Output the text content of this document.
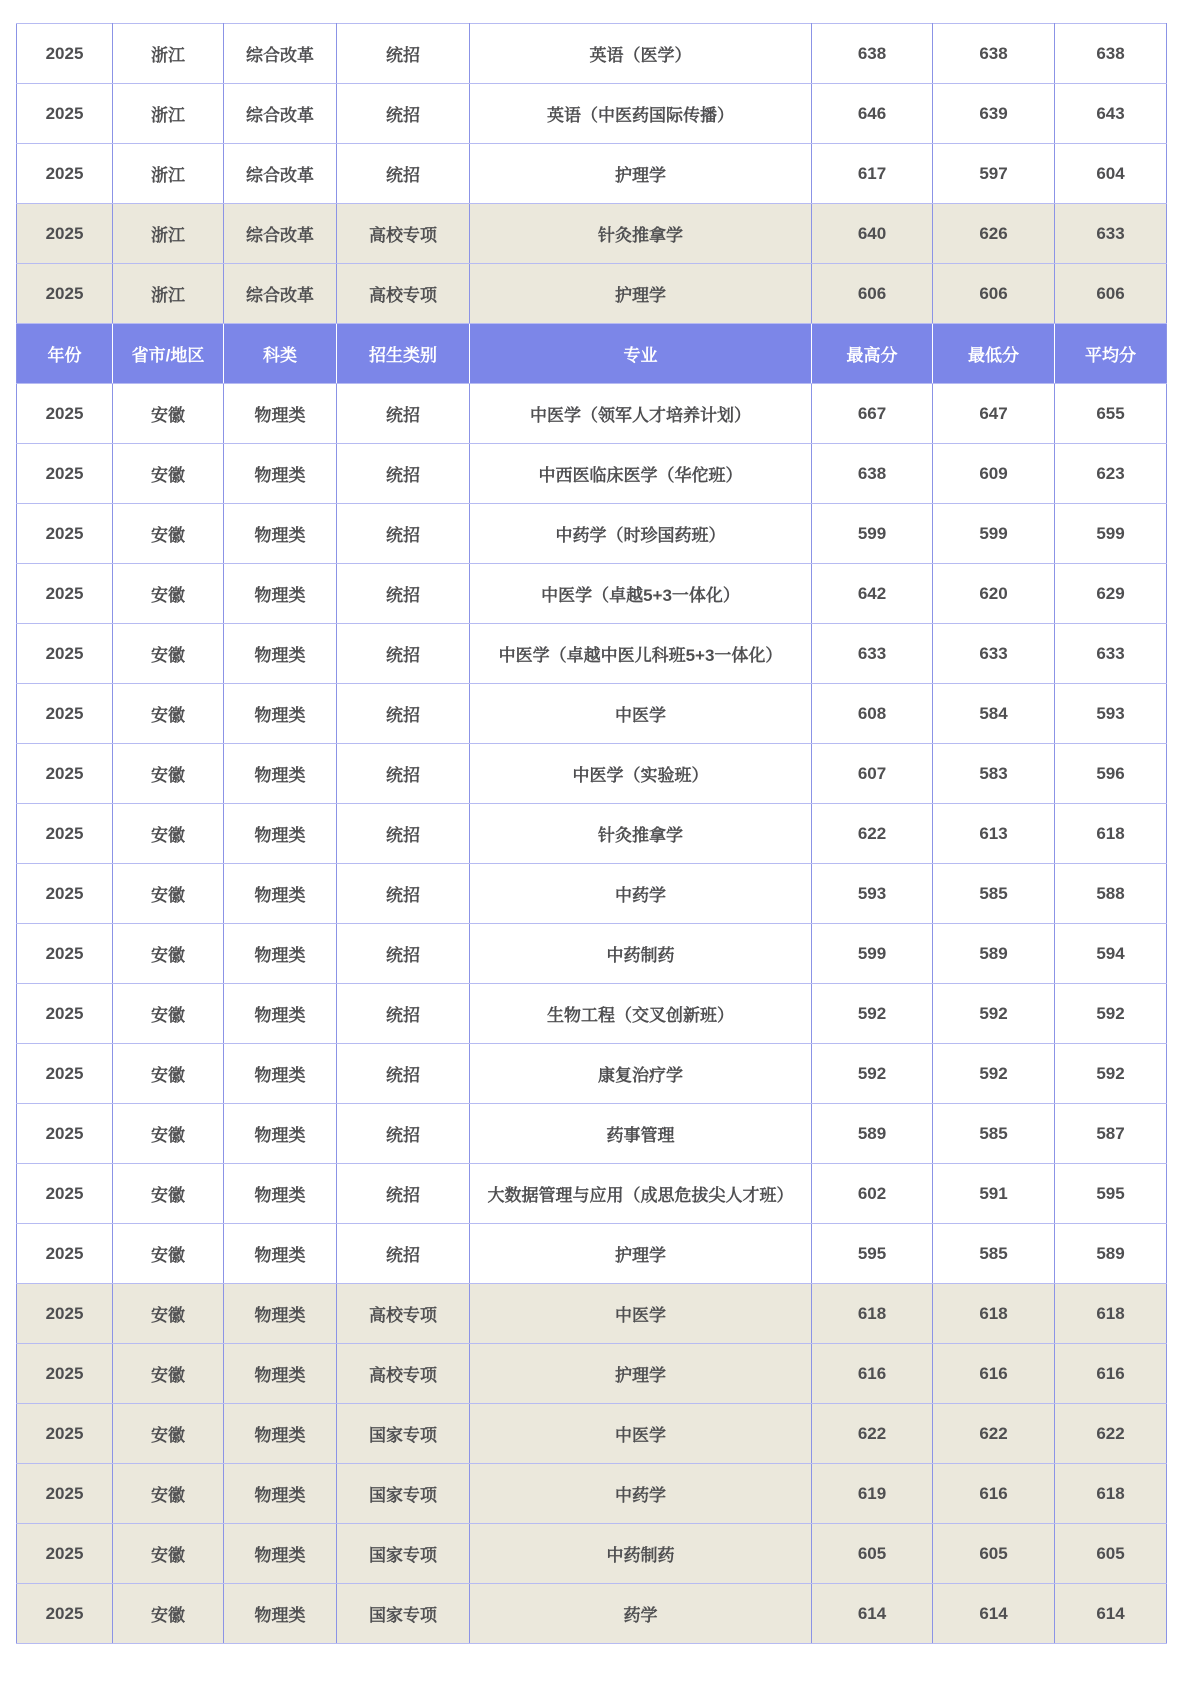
2025	浙江	综合改革	统招	英语（医学）	638	638	638
2025	浙江	综合改革	统招	英语（中医药国际传播）	646	639	643
2025	浙江	综合改革	统招	护理学	617	597	604
2025	浙江	综合改革	高校专项	针灸推拿学	640	626	633
2025	浙江	综合改革	高校专项	护理学	606	606	606
年份	省市/地区	科类	招生类别	专业	最高分	最低分	平均分
2025	安徽	物理类	统招	中医学（领军人才培养计划）	667	647	655
2025	安徽	物理类	统招	中西医临床医学（华佗班）	638	609	623
2025	安徽	物理类	统招	中药学（时珍国药班）	599	599	599
2025	安徽	物理类	统招	中医学（卓越5+3一体化）	642	620	629
2025	安徽	物理类	统招	中医学（卓越中医儿科班5+3一体化）	633	633	633
2025	安徽	物理类	统招	中医学	608	584	593
2025	安徽	物理类	统招	中医学（实验班）	607	583	596
2025	安徽	物理类	统招	针灸推拿学	622	613	618
2025	安徽	物理类	统招	中药学	593	585	588
2025	安徽	物理类	统招	中药制药	599	589	594
2025	安徽	物理类	统招	生物工程（交叉创新班）	592	592	592
2025	安徽	物理类	统招	康复治疗学	592	592	592
2025	安徽	物理类	统招	药事管理	589	585	587
2025	安徽	物理类	统招	大数据管理与应用（成思危拔尖人才班）	602	591	595
2025	安徽	物理类	统招	护理学	595	585	589
2025	安徽	物理类	高校专项	中医学	618	618	618
2025	安徽	物理类	高校专项	护理学	616	616	616
2025	安徽	物理类	国家专项	中医学	622	622	622
2025	安徽	物理类	国家专项	中药学	619	616	618
2025	安徽	物理类	国家专项	中药制药	605	605	605
2025	安徽	物理类	国家专项	药学	614	614	614
